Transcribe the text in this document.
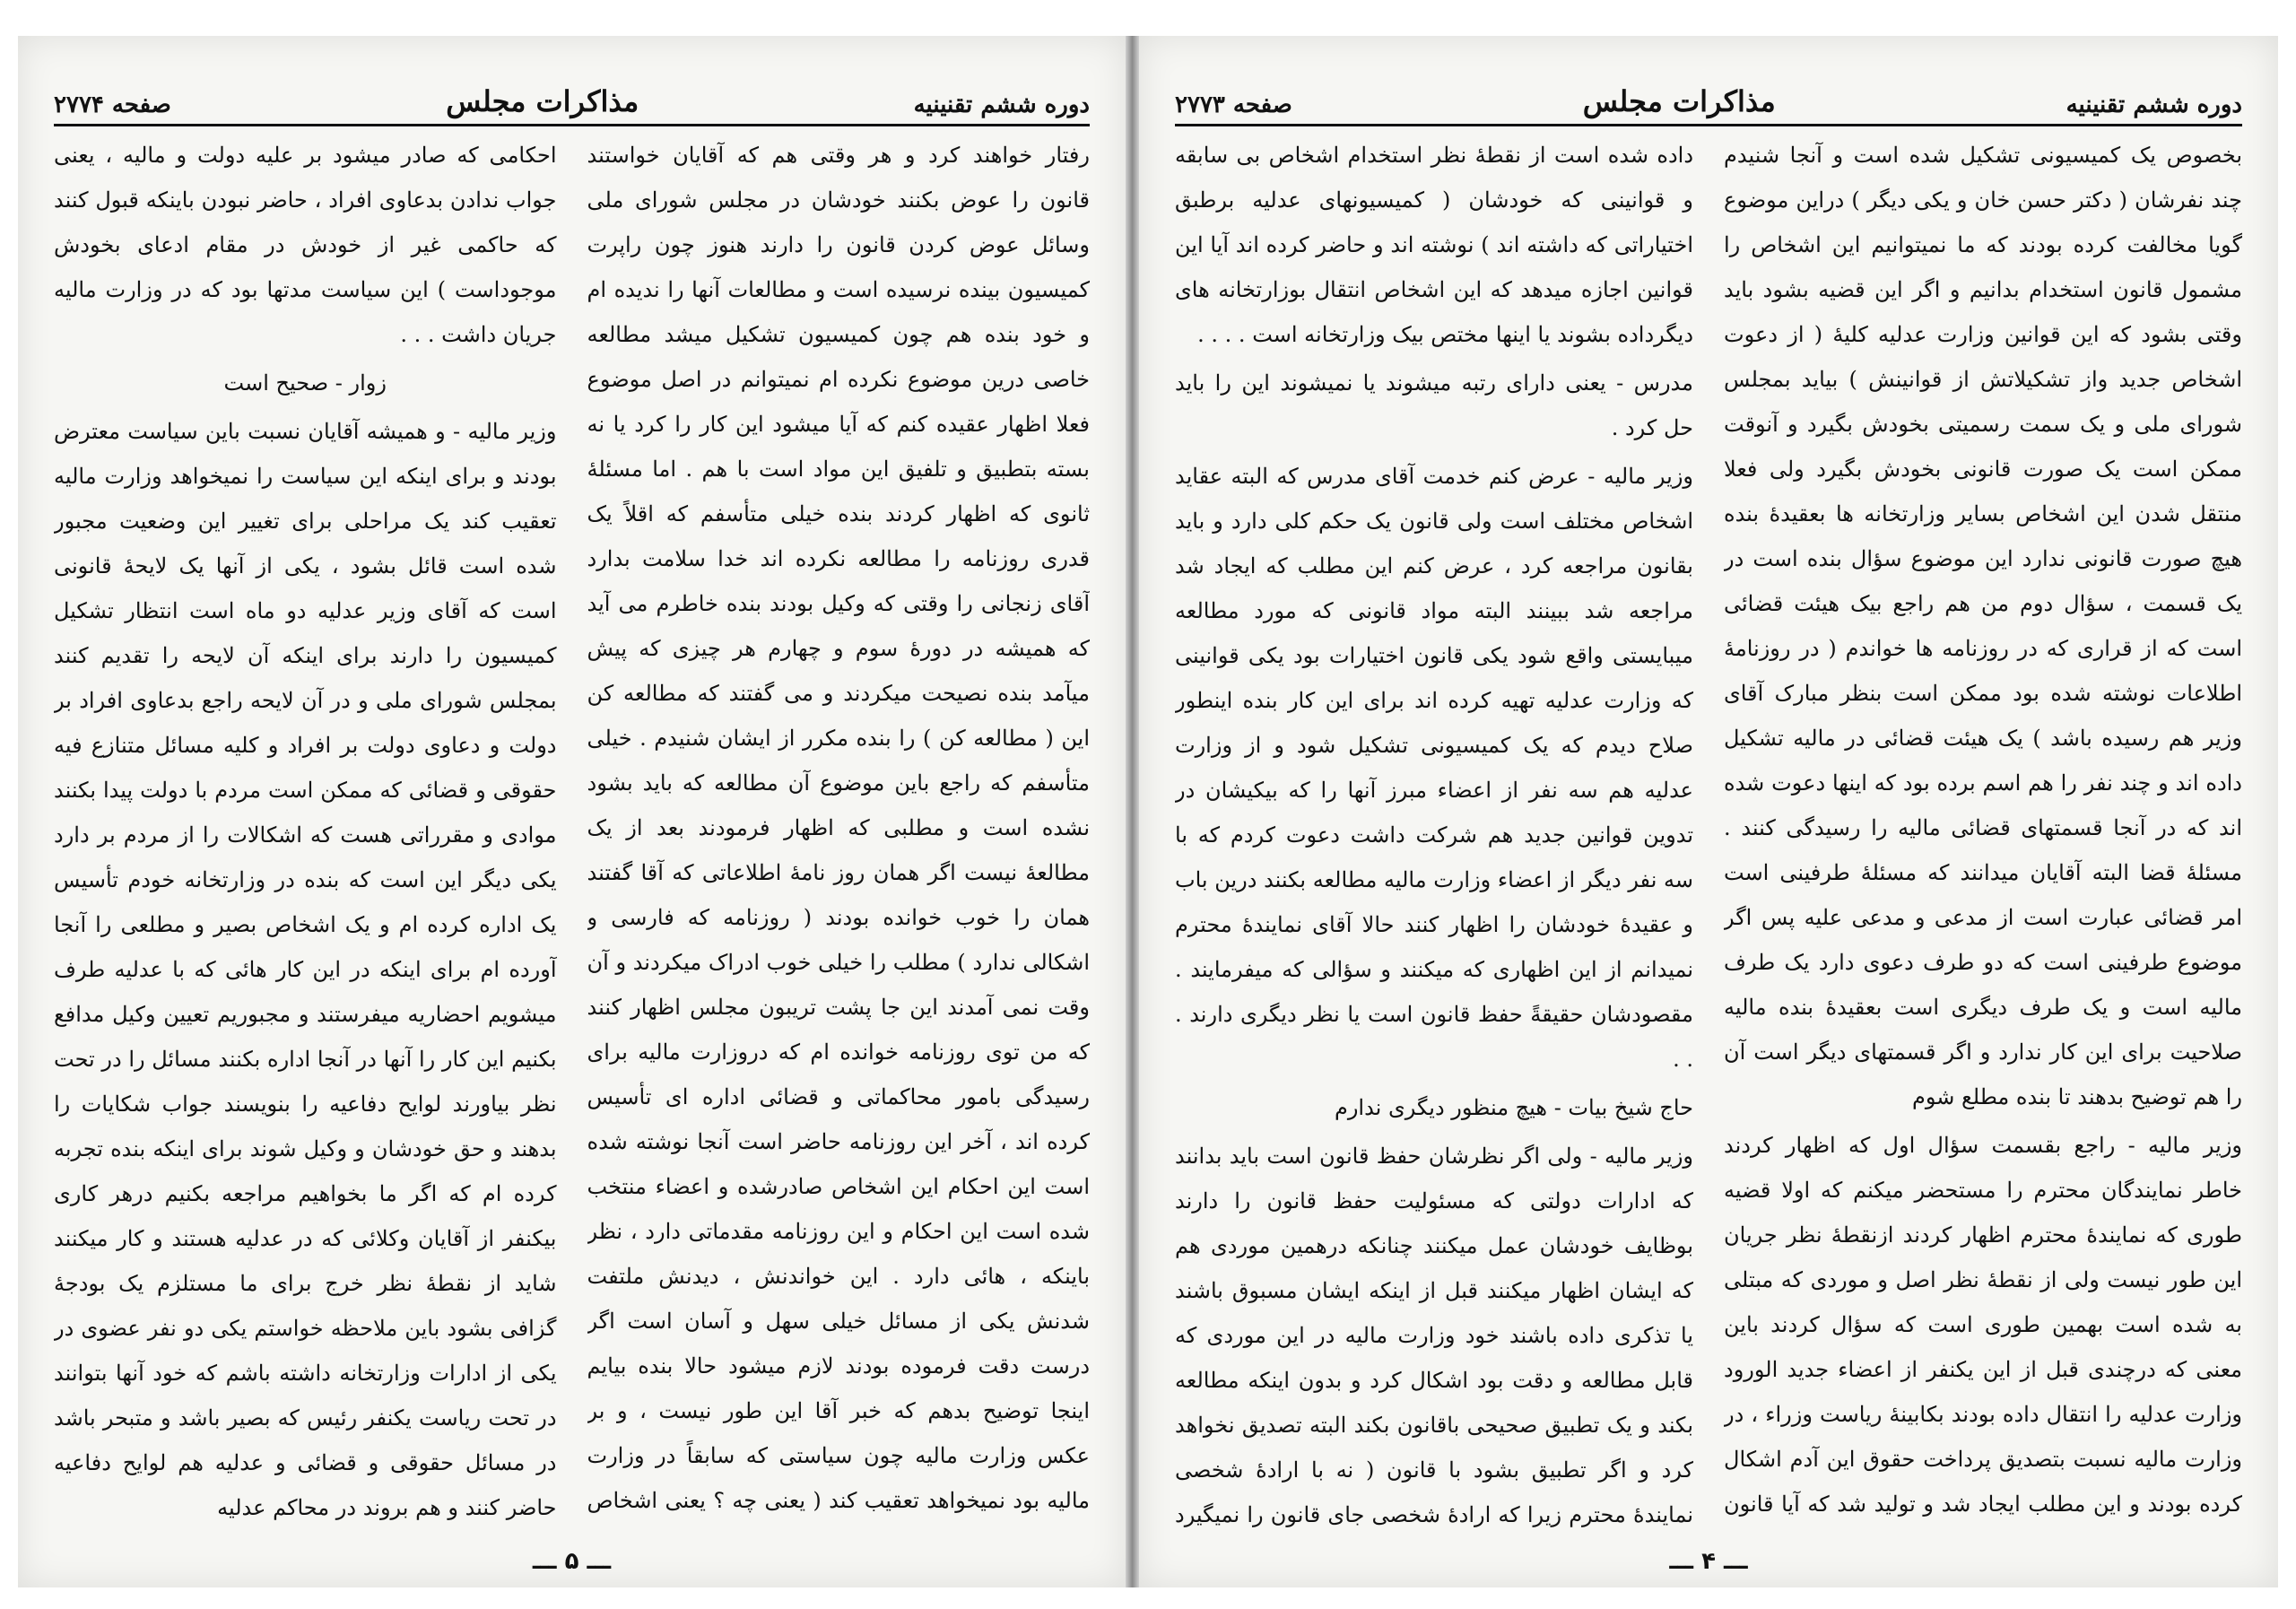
دوره ششم تقنینیه
مذاکرات مجلس
صفحه ۲۷۷۴

رفتار خواهند کرد و هر وقتی هم که آقایان خواستند قانون را عوض بکنند خودشان در مجلس شورای ملی وسائل عوض کردن قانون را دارند هنوز چون راپرت کمیسیون بینده نرسیده است و مطالعات آنها را ندیده ام و خود بنده هم چون کمیسیون تشکیل میشد مطالعه خاصی درین موضوع نکرده ام نمیتوانم در اصل موضوع فعلا اظهار عقیده کنم که آیا میشود این کار را کرد یا نه بسته بتطبیق و تلفیق این مواد است با هم . اما مسئلهٔ ثانوی که اظهار کردند بنده خیلی متأسفم که اقلاً یک قدری روزنامه را مطالعه نکرده اند خدا سلامت بدارد آقای زنجانی را وقتی که وکیل بودند بنده خاطرم می آید که همیشه در دورهٔ سوم و چهارم هر چیزی که پیش میآمد بنده نصیحت میکردند و می گفتند که مطالعه کن این ( مطالعه کن ) را بنده مکرر از ایشان شنیدم . خیلی متأسفم که راجع باین موضوع آن مطالعه که باید بشود نشده است و مطلبی که اظهار فرمودند بعد از یک مطالعهٔ نیست اگر همان روز نامهٔ اطلاعاتی که آقا گفتند همان را خوب خوانده بودند ( روزنامه که فارسی و اشکالی ندارد ) مطلب را خیلی خوب ادراک میکردند و آن وقت نمی آمدند این جا پشت تریبون مجلس اظهار کنند که من توی روزنامه خوانده ام که دروزارت مالیه برای رسیدگی بامور محاکماتی و قضائی اداره ای تأسیس کرده اند ، آخر این روزنامه حاضر است آنجا نوشته شده است این احکام این اشخاص صادرشده و اعضاء منتخب شده است این احکام و این روزنامه مقدماتی دارد ، نظر باینکه ، هائی دارد . این خواندنش ، دیدنش ملتفت شدنش یکی از مسائل خیلی سهل و آسان است اگر درست دقت فرموده بودند لازم میشود حالا بنده بیایم اینجا توضیح بدهم که خبر آقا این طور نیست ، و بر عکس وزارت مالیه چون سیاستی که سابقاً در وزارت مالیه بود نمیخواهد تعقیب کند ( یعنی چه ؟ یعنی اشخاص

احکامی که صادر میشود بر علیه دولت و مالیه ، یعنی جواب ندادن بدعاوی افراد ، حاضر نبودن باینکه قبول کنند که حاکمی غیر از خودش در مقام ادعای بخودش موجوداست ) این سیاست مدتها بود که در وزارت مالیه جریان داشت . . .

زوار - صحیح است

وزیر مالیه - و همیشه آقایان نسبت باین سیاست معترض بودند و برای اینکه این سیاست را نمیخواهد وزارت مالیه تعقیب کند یک مراحلی برای تغییر این وضعیت مجبور شده است قائل بشود ، یکی از آنها یک لایحهٔ قانونی است که آقای وزیر عدلیه دو ماه است انتظار تشکیل کمیسیون را دارند برای اینکه آن لایحه را تقدیم کنند بمجلس شورای ملی و در آن لایحه راجع بدعاوی افراد بر دولت و دعاوی دولت بر افراد و کلیه مسائل متنازع فیه حقوقی و قضائی که ممکن است مردم با دولت پیدا بکنند موادی و مقرراتی هست که اشکالات را از مردم بر دارد یکی دیگر این است که بنده در وزارتخانه خودم تأسیس یک اداره کرده ام و یک اشخاص بصیر و مطلعی را آنجا آورده ام برای اینکه در این کار هائی که با عدلیه طرف میشویم احضاریه میفرستند و مجبوریم تعیین وکیل مدافع بکنیم این کار را آنها در آنجا اداره بکنند مسائل را در تحت نظر بیاورند لوایح دفاعیه را بنویسند جواب شکایات را بدهند و حق خودشان و وکیل شوند برای اینکه بنده تجربه کرده ام که اگر ما بخواهیم مراجعه بکنیم درهر کاری بیکنفر از آقایان وکلائی که در عدلیه هستند و کار میکنند شاید از نقطهٔ نظر خرج برای ما مستلزم یک بودجهٔ گزافی بشود باین ملاحظه خواستم یکی دو نفر عضوی در یکی از ادارات وزارتخانه داشته باشم که خود آنها بتوانند در تحت ریاست یکنفر رئیس که بصیر باشد و متبحر باشد در مسائل حقوقی و قضائی و عدلیه هم لوایح دفاعیه حاضر کنند و هم بروند در محاکم عدلیه

ـــ ۵ ـــ
دوره ششم تقنینیه
مذاکرات مجلس
صفحه ۲۷۷۳

بخصوص یک کمیسیونی تشکیل شده است و آنجا شنیدم چند نفرشان ( دکتر حسن خان و یکی دیگر ) دراین موضوع گویا مخالفت کرده بودند که ما نمیتوانیم این اشخاص را مشمول قانون استخدام بدانیم و اگر این قضیه بشود باید وقتی بشود که این قوانین وزارت عدلیه کلیهٔ ( از دعوت اشخاص جدید واز تشکیلاتش از قوانینش ) بیاید بمجلس شورای ملی و یک سمت رسمیتی بخودش بگیرد و آنوقت ممکن است یک صورت قانونی بخودش بگیرد ولی فعلا منتقل شدن این اشخاص بسایر وزارتخانه ها بعقیدهٔ بنده هیچ صورت قانونی ندارد این موضوع سؤال بنده است در یک قسمت ، سؤال دوم من هم راجع بیک هیئت قضائی است که از قراری که در روزنامه ها خواندم ( در روزنامهٔ اطلاعات نوشته شده بود ممکن است بنظر مبارک آقای وزیر هم رسیده باشد ) یک هیئت قضائی در مالیه تشکیل داده اند و چند نفر را هم اسم برده بود که اینها دعوت شده اند که در آنجا قسمتهای قضائی مالیه را رسیدگی کنند . مسئلهٔ قضا البته آقایان میدانند که مسئلهٔ طرفینی است امر قضائی عبارت است از مدعی و مدعی علیه پس اگر موضوع طرفینی است که دو طرف دعوی دارد یک طرف مالیه است و یک طرف دیگری است بعقیدهٔ بنده مالیه صلاحیت برای این کار ندارد و اگر قسمتهای دیگر است آن را هم توضیح بدهند تا بنده مطلع شوم

وزیر مالیه - راجع بقسمت سؤال اول که اظهار کردند خاطر نمایندگان محترم را مستحضر میکنم که اولا قضیه طوری که نمایندهٔ محترم اظهار کردند ازنقطهٔ نظر جریان این طور نیست ولی از نقطهٔ نظر اصل و موردی که مبتلی به شده است بهمین طوری است که سؤال کردند باین معنی که درچندی قبل از این یکنفر از اعضاء جدید الورود وزارت عدلیه را انتقال داده بودند بکابینهٔ ریاست وزراء ، در وزارت مالیه نسبت بتصدیق پرداخت حقوق این آدم اشکال کرده بودند و این مطلب ایجاد شد و تولید شد که آیا قانون

داده شده است از نقطهٔ نظر استخدام اشخاص بی سابقه و قوانینی که خودشان ( کمیسیونهای عدلیه برطبق اختیاراتی که داشته اند ) نوشته اند و حاضر کرده اند آیا این قوانین اجازه میدهد که این اشخاص انتقال بوزارتخانه های دیگرداده بشوند یا اینها مختص بیک وزارتخانه است . . . .

مدرس - یعنی دارای رتبه میشوند یا نمیشوند این را باید حل کرد .

وزیر مالیه - عرض کنم خدمت آقای مدرس که البته عقاید اشخاص مختلف است ولی قانون یک حکم کلی دارد و باید بقانون مراجعه کرد ، عرض کنم این مطلب که ایجاد شد مراجعه شد ببینند البته مواد قانونی که مورد مطالعه میبایستی واقع شود یکی قانون اختیارات بود یکی قوانینی که وزارت عدلیه تهیه کرده اند برای این کار بنده اینطور صلاح دیدم که یک کمیسیونی تشکیل شود و از وزارت عدلیه هم سه نفر از اعضاء مبرز آنها را که بیکیشان در تدوین قوانین جدید هم شرکت داشت دعوت کردم که با سه نفر دیگر از اعضاء وزارت مالیه مطالعه بکنند درین باب و عقیدهٔ خودشان را اظهار کنند حالا آقای نمایندهٔ محترم نمیدانم از این اظهاری که میکنند و سؤالی که میفرمایند . مقصودشان حقیقةً حفظ قانون است یا نظر دیگری دارند . . .

حاج شیخ بیات - هیچ منظور دیگری ندارم

وزیر مالیه - ولی اگر نظرشان حفظ قانون است باید بدانند که ادارات دولتی که مسئولیت حفظ قانون را دارند بوظایف خودشان عمل میکنند چنانکه درهمین موردی هم که ایشان اظهار میکنند قبل از اینکه ایشان مسبوق باشند یا تذکری داده باشند خود وزارت مالیه در این موردی که قابل مطالعه و دقت بود اشکال کرد و بدون اینکه مطالعه بکند و یک تطبیق صحیحی باقانون بکند البته تصدیق نخواهد کرد و اگر تطبیق بشود با قانون ( نه با ارادهٔ شخصی نمایندهٔ محترم زیرا که ارادهٔ شخصی جای قانون را نمیگیرد

ـــ ۴ ـــ
